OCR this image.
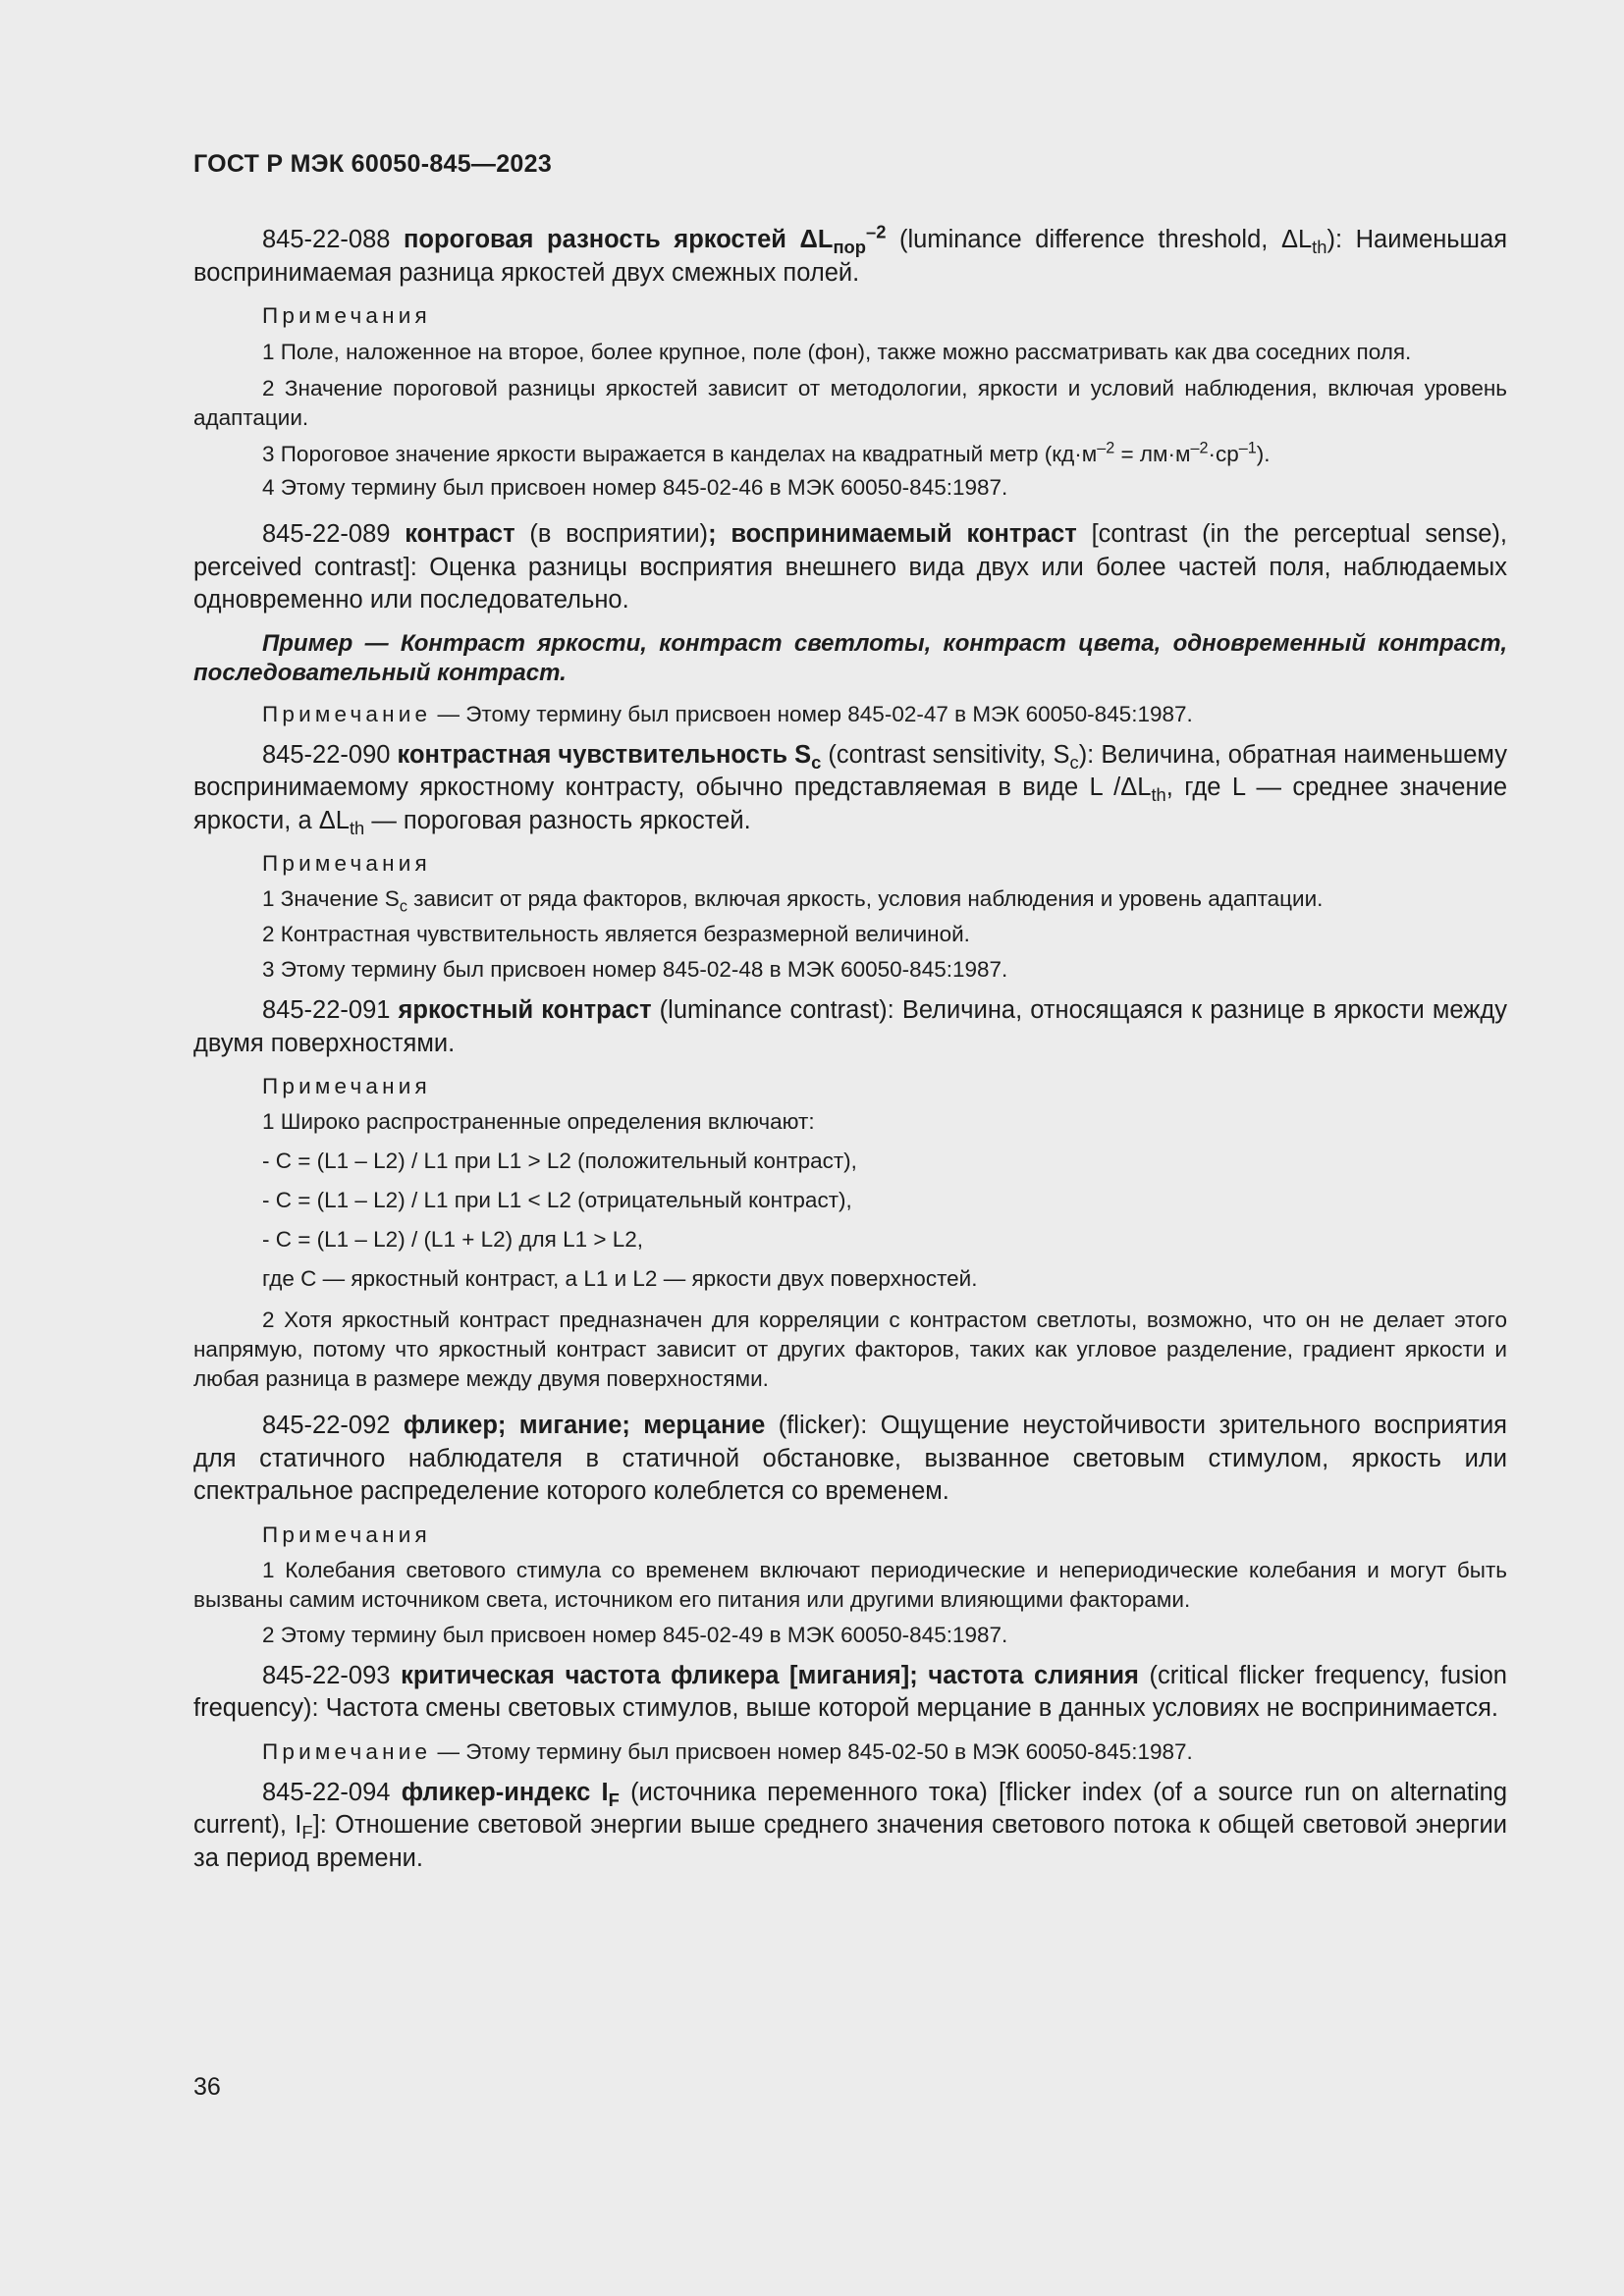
ГОСТ Р МЭК 60050-845—2023

845-22-088 пороговая разность яркостей $\Delta L_{пор}^{-2}$ (luminance difference threshold, $\Delta L_{th}$): Наименьшая воспринимаемая разница яркостей двух смежных полей.

Примечания

1 Поле, наложенное на второе, более крупное, поле (фон), также можно рассматривать как два соседних поля.

2 Значение пороговой разницы яркостей зависит от методологии, яркости и условий наблюдения, включая уровень адаптации.

3 Пороговое значение яркости выражается в канделах на квадратный метр $(кд\cdot м^{-2} = лм\cdot м^{-2}\cdot ср^{-1})$.

4 Этому термину был присвоен номер 845-02-46 в МЭК 60050-845:1987.

845-22-089 контраст (в восприятии); воспринимаемый контраст [contrast (in the perceptual sense), perceived contrast]: Оценка разницы восприятия внешнего вида двух или более частей поля, наблюдаемых одновременно или последовательно.

Пример — Контраст яркости, контраст светлоты, контраст цвета, одновременный контраст, последовательный контраст.

Примечание — Этому термину был присвоен номер 845-02-47 в МЭК 60050-845:1987.

845-22-090 контрастная чувствительность $S_c$ (contrast sensitivity, $S_c$): Величина, обратная наименьшему воспринимаемому яркостному контрасту, обычно представляемая в виде L $/\Delta L_{th}$, где L — среднее значение яркости, а $\Delta L_{th}$ — пороговая разность яркостей.

Примечания

1 Значение $S_c$ зависит от ряда факторов, включая яркость, условия наблюдения и уровень адаптации.

2 Контрастная чувствительность является безразмерной величиной.

3 Этому термину был присвоен номер 845-02-48 в МЭК 60050-845:1987.

845-22-091 яркостный контраст (luminance contrast): Величина, относящаяся к разнице в яркости между двумя поверхностями.

Примечания

1 Широко распространенные определения включают:

- C = (L1 – L2) / L1 при L1 > L2 (положительный контраст),

- C = (L1 – L2) / L1 при L1 < L2 (отрицательный контраст),

- C = (L1 – L2) / (L1 + L2) для L1 > L2,

где C — яркостный контраст, а L1 и L2 — яркости двух поверхностей.

2 Хотя яркостный контраст предназначен для корреляции с контрастом светлоты, возможно, что он не делает этого напрямую, потому что яркостный контраст зависит от других факторов, таких как угловое разделение, градиент яркости и любая разница в размере между двумя поверхностями.

845-22-092 фликер; мигание; мерцание (flicker): Ощущение неустойчивости зрительного восприятия для статичного наблюдателя в статичной обстановке, вызванное световым стимулом, яркость или спектральное распределение которого колеблется со временем.

Примечания

1 Колебания светового стимула со временем включают периодические и непериодические колебания и могут быть вызваны самим источником света, источником его питания или другими влияющими факторами.

2 Этому термину был присвоен номер 845-02-49 в МЭК 60050-845:1987.

845-22-093 критическая частота фликера [мигания]; частота слияния (critical flicker frequency, fusion frequency): Частота смены световых стимулов, выше которой мерцание в данных условиях не воспринимается.

Примечание — Этому термину был присвоен номер 845-02-50 в МЭК 60050-845:1987.

845-22-094 фликер-индекс $I_F$ (источника переменного тока) [flicker index (of a source run on alternating current), $I_F$]: Отношение световой энергии выше среднего значения светового потока к общей световой энергии за период времени.

36
